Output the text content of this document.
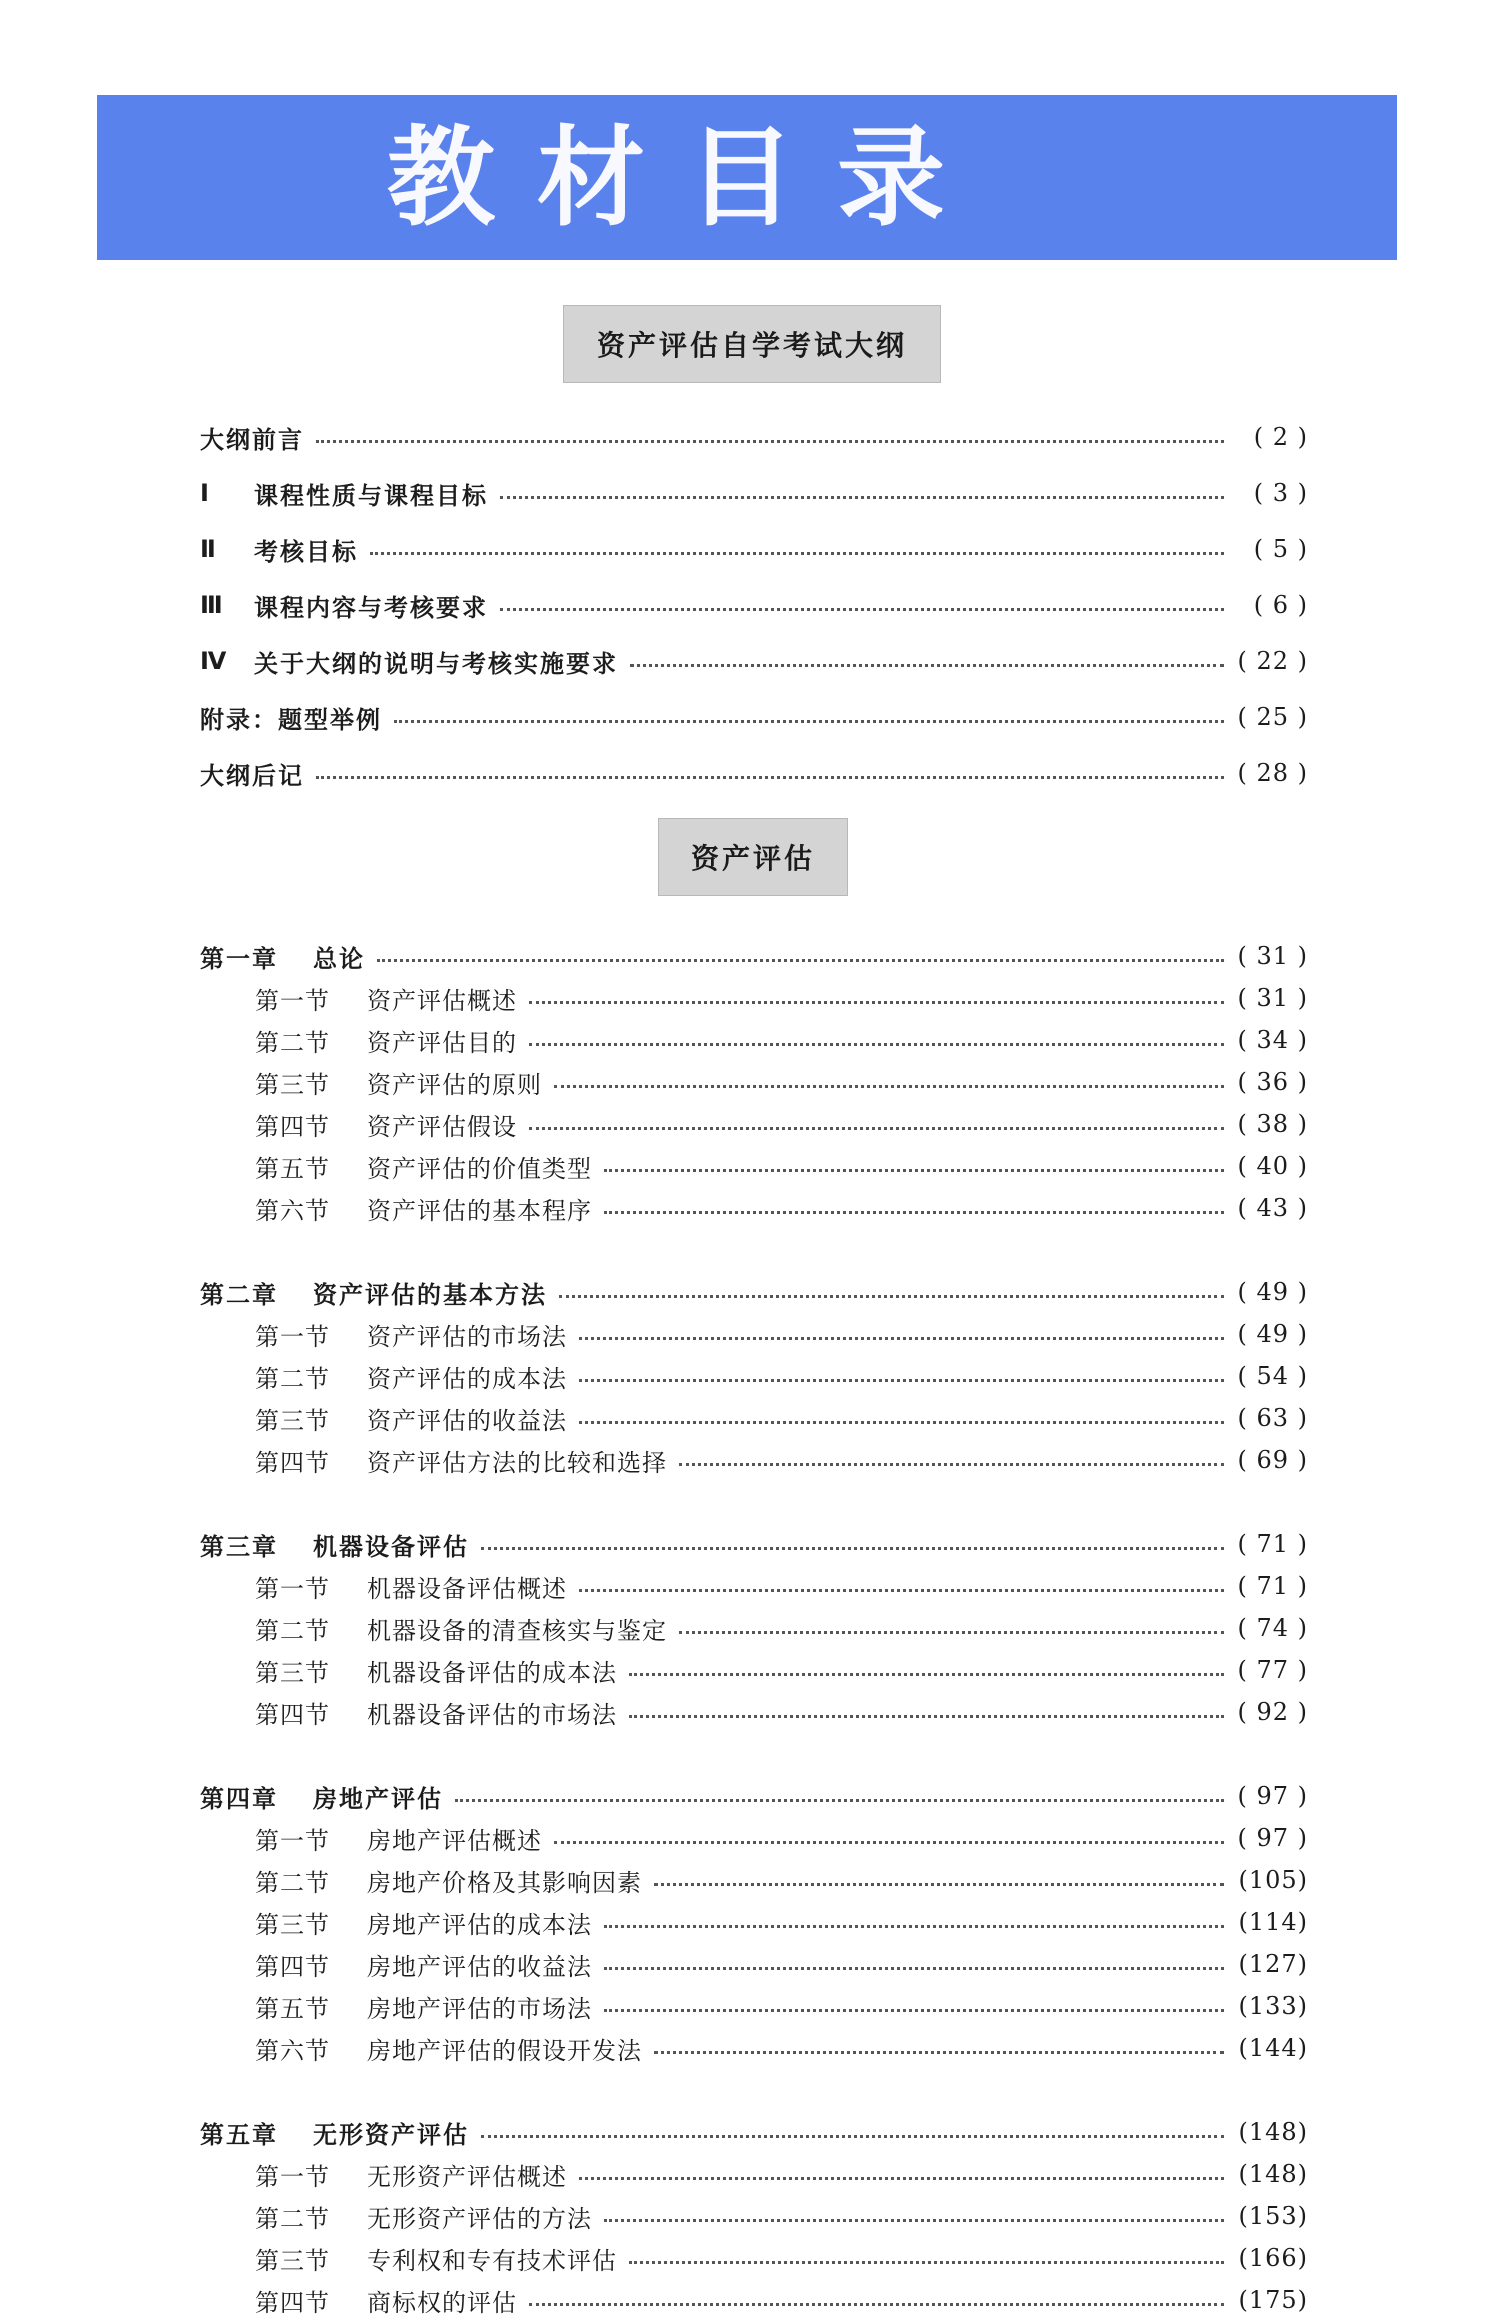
教材目录
资产评估自学考试大纲
大纲前言	( 2 )
Ⅰ	课程性质与课程目标	( 3 )
Ⅱ	考核目标	( 5 )
Ⅲ	课程内容与考核要求	( 6 )
Ⅳ	关于大纲的说明与考核实施要求	( 22 )
附录：题型举例	( 25 )
大纲后记	( 28 )
资产评估
第一章	总论	( 31 )
第一节	资产评估概述	( 31 )
第二节	资产评估目的	( 34 )
第三节	资产评估的原则	( 36 )
第四节	资产评估假设	( 38 )
第五节	资产评估的价值类型	( 40 )
第六节	资产评估的基本程序	( 43 )
第二章	资产评估的基本方法	( 49 )
第一节	资产评估的市场法	( 49 )
第二节	资产评估的成本法	( 54 )
第三节	资产评估的收益法	( 63 )
第四节	资产评估方法的比较和选择	( 69 )
第三章	机器设备评估	( 71 )
第一节	机器设备评估概述	( 71 )
第二节	机器设备的清查核实与鉴定	( 74 )
第三节	机器设备评估的成本法	( 77 )
第四节	机器设备评估的市场法	( 92 )
第四章	房地产评估	( 97 )
第一节	房地产评估概述	( 97 )
第二节	房地产价格及其影响因素	(105)
第三节	房地产评估的成本法	(114)
第四节	房地产评估的收益法	(127)
第五节	房地产评估的市场法	(133)
第六节	房地产评估的假设开发法	(144)
第五章	无形资产评估	(148)
第一节	无形资产评估概述	(148)
第二节	无形资产评估的方法	(153)
第三节	专利权和专有技术评估	(166)
第四节	商标权的评估	(175)
